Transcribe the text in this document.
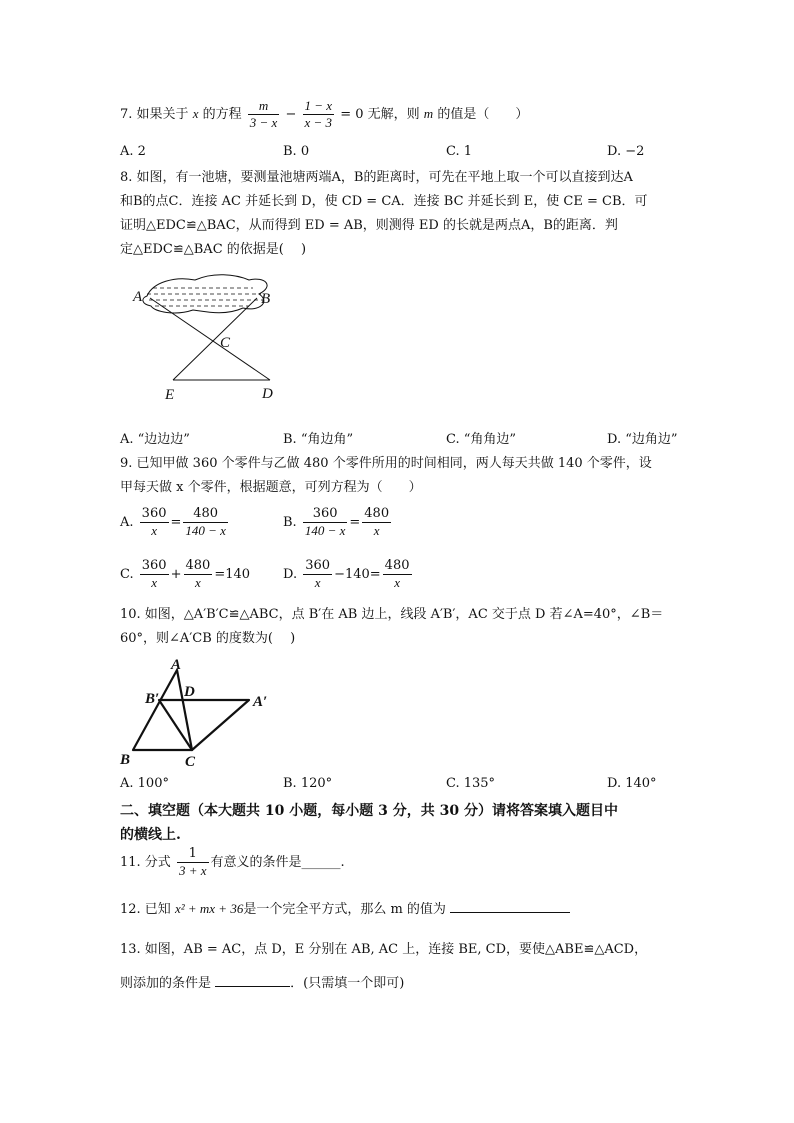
7. 如果关于 x 的方程 $\frac{m}{3 - x} - \frac{1 - x}{x - 3} = 0$ 无解，则 m 的值是（　　）
A. 2	B. 0	C. 1	D. −2
8. 如图，有一池塘，要测量池塘两端A，B的距离时，可先在平地上取一个可以直接到达A
和B的点C．连接 AC 并延长到 D，使 CD = CA．连接 BC 并延长到 E，使 CE = CB．可
证明△EDC≌△BAC，从而得到 ED = AB，则测得 ED 的长就是两点A，B的距离．判
定△EDC≌△BAC 的依据是(　 )
A	B
C
E	D
A. “边边边”	B. “角边角”	C. “角角边”	D. “边角边”
9. 已知甲做 360 个零件与乙做 480 个零件所用的时间相同，两人每天共做 140 个零件，设
甲每天做 x 个零件，根据题意，可列方程为（　　）
A. $\frac{360}{x} = \frac{480}{140 - x}$	B. $\frac{360}{140 - x} = \frac{480}{x}$
C. $\frac{360}{x} + \frac{480}{x} =140$	D. $\frac{360}{x} -140= \frac{480}{x}$
10. 如图，△A′B′C≌△ABC，点 B′在 AB 边上，线段 A′B′，AC 交于点 D 若∠A=40°，∠B＝
60°，则∠A′CB 的度数为(　 )
A
B′ D
A′
B	C
A. 100°	B. 120°	C. 135°	D. 140°
二、填空题（本大题共 10 小题，每小题 3 分，共 30 分）请将答案填入题目中
的横线上.
11. 分式 $\frac{1}{3 + x}$ 有意义的条件是______.
12. 已知 x² + mx + 36是一个完全平方式，那么 m 的值为
13. 如图，AB = AC，点 D，E 分别在 AB, AC 上，连接 BE, CD，要使△ABE≌△ACD，
则添加的条件是	．(只需填一个即可)
